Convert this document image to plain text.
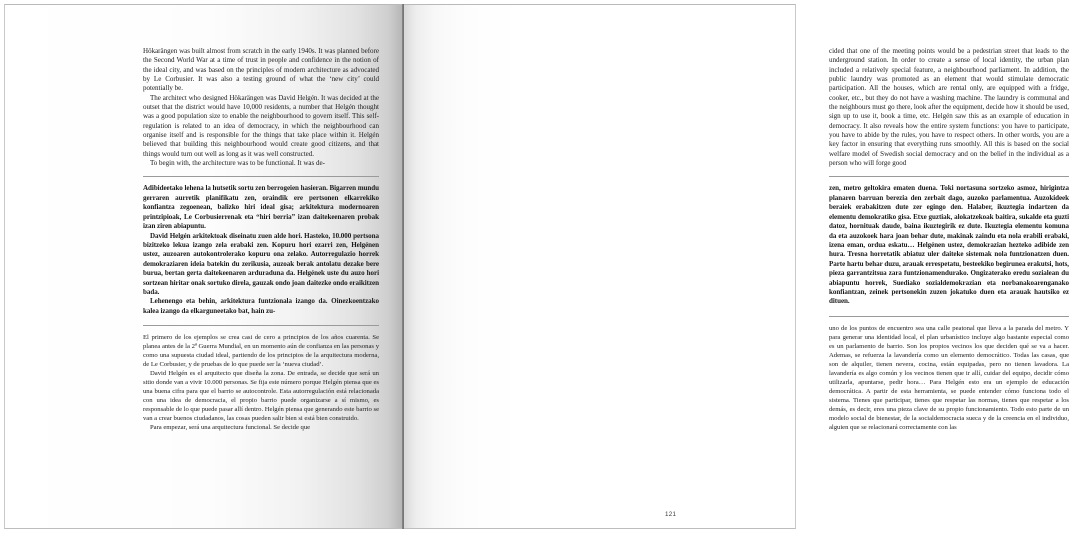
Hökarängen was built almost from scratch in the early 1940s. It was planned before the Second World War at a time of trust in people and confidence in the notion of the ideal city, and was based on the principles of modern architecture as advocated by Le Corbusier. It was also a testing ground of what the ‘new city’ could potentially be.

The architect who designed Hökarängen was David Helgén. It was decided at the outset that the district would have 10,000 residents, a number that Helgén thought was a good population size to enable the neighbourhood to govern itself. This self-regulation is related to an idea of democracy, in which the neighbourhood can organise itself and is responsible for the things that take place within it. Helgén believed that building this neighbourhood would create good citizens, and that things would turn out well as long as it was well constructed.

To begin with, the architecture was to be functional. It was de-

Adibideetako lehena la hutsetik sortu zen berrogeien hasieran. Bigarren mundu gerraren aurretik planifikatu zen, oraindik ere pertsonen elkarrekiko konfiantza zegoenean, balizko hiri ideal gisa; arkitektura modernoaren printzipioak, Le Corbusierrenak eta “hiri berria” izan daitekeenaren probak izan ziren abiapuntu.

David Helgén arkitektoak diseinatu zuen alde hori. Hasteko, 10.000 pertsona bizitzeko lekua izango zela erabaki zen. Kopuru hori ezarri zen, Helgénen ustez, auzoaren autokontrolerako kopuru ona zelako. Autorregulazio horrek demokraziaren ideia batekin du zerikusia, auzoak berak antolatu dezake bere burua, bertan gerta daitekeenaren arduraduna da. Helgének uste du auzo hori sortzean hiritar onak sortuko direla, gauzak ondo joan daitezke ondo eraikitzen bada.

Lehenengo eta behin, arkitektura funtzionala izango da. Oinezkoentzako kalea izango da elkarguneetako bat, hain zu-

El primero de los ejemplos se crea casi de cero a principios de los años cuarenta. Se planea antes de la 2ª Guerra Mundial, en un momento aún de confianza en las personas y como una supuesta ciudad ideal, partiendo de los principios de la arquitectura moderna, de Le Corbusier, y de pruebas de lo que puede ser la ‘nueva ciudad’.

David Helgén es el arquitecto que diseña la zona. De entrada, se decide que será un sitio donde van a vivir 10.000 personas. Se fija este número porque Helgén piensa que es una buena cifra para que el barrio se autocontrole. Esta autorregulación está relacionada con una idea de democracia, el propio barrio puede organizarse a sí mismo, es responsable de lo que puede pasar allí dentro. Helgén piensa que generando este barrio se van a crear buenos ciudadanos, las cosas pueden salir bien si está bien construido.

Para empezar, será una arquitectura funcional. Se decide que

cided that one of the meeting points would be a pedestrian street that leads to the underground station. In order to create a sense of local identity, the urban plan included a relatively special feature, a neighbourhood parliament. In addition, the public laundry was promoted as an element that would stimulate democratic participation. All the houses, which are rental only, are equipped with a fridge, cooker, etc., but they do not have a washing machine. The laundry is communal and the neighbours must go there, look after the equipment, decide how it should be used, sign up to use it, book a time, etc. Helgén saw this as an example of education in democracy. It also reveals how the entire system functions: you have to participate, you have to abide by the rules, you have to respect others. In other words, you are a key factor in ensuring that everything runs smoothly. All this is based on the social welfare model of Swedish social democracy and on the belief in the individual as a person who will forge good

zen, metro geltokira ematen duena. Toki nortasuna sortzeko asmoz, hirigintza planaren barruan berezia den zerbait dago, auzoko parlamentua. Auzokideek beraiek erabakitzen dute zer egingo den. Halaber, ikuztegia indartzen da elementu demokratiko gisa. Etxe guztiak, alokatzekoak baitira, sukalde eta guzti datoz, hornituak daude, baina ikuztegirik ez dute. Ikuztegia elementu komuna da eta auzokoek hara joan behar dute, makinak zaindu eta nola erabili erabaki, izena eman, ordua eskatu… Helgénen ustez, demokrazian hezteko adibide zen hura. Tresna horretatik abiatuz uler daiteke sistemak nola funtzionatzen duen. Parte hartu behar duzu, arauak errespetatu, besteekiko begirunea erakutsi, hots, pieza garrantzitsua zara funtzionamendurako. Ongizaterako eredu sozialean du abiapuntu horrek, Suediako sozialdemokrazian eta norbanakoarenganako konfiantzan, zeinek pertsonekin zuzen jokatuko duen eta arauak hautsiko ez dituen.

uno de los puntos de encuentro sea una calle peatonal que lleva a la parada del metro. Y para generar una identidad local, el plan urbanístico incluye algo bastante especial como es un parlamento de barrio. Son los propios vecinos los que deciden qué se va a hacer. Ademas, se refuerza la lavandería como un elemento democrático. Todas las casas, que son de alquiler, tienen nevera, cocina, están equipadas, pero no tienen lavadora. La lavandería es algo común y los vecinos tienen que ir allí, cuidar del equipo, decidir cómo utilizarla, apuntarse, pedir hora… Para Helgén esto era un ejemplo de educación democrática. A partir de esta herramienta, se puede entender cómo funciona todo el sistema. Tienes que participar, tienes que respetar las normas, tienes que respetar a los demás, es decir, eres una pieza clave de su propio funcionamiento. Todo esto parte de un modelo social de bienestar, de la socialdemocracia sueca y de la creencia en el individuo, alguien que se relacionará correctamente con las

121
